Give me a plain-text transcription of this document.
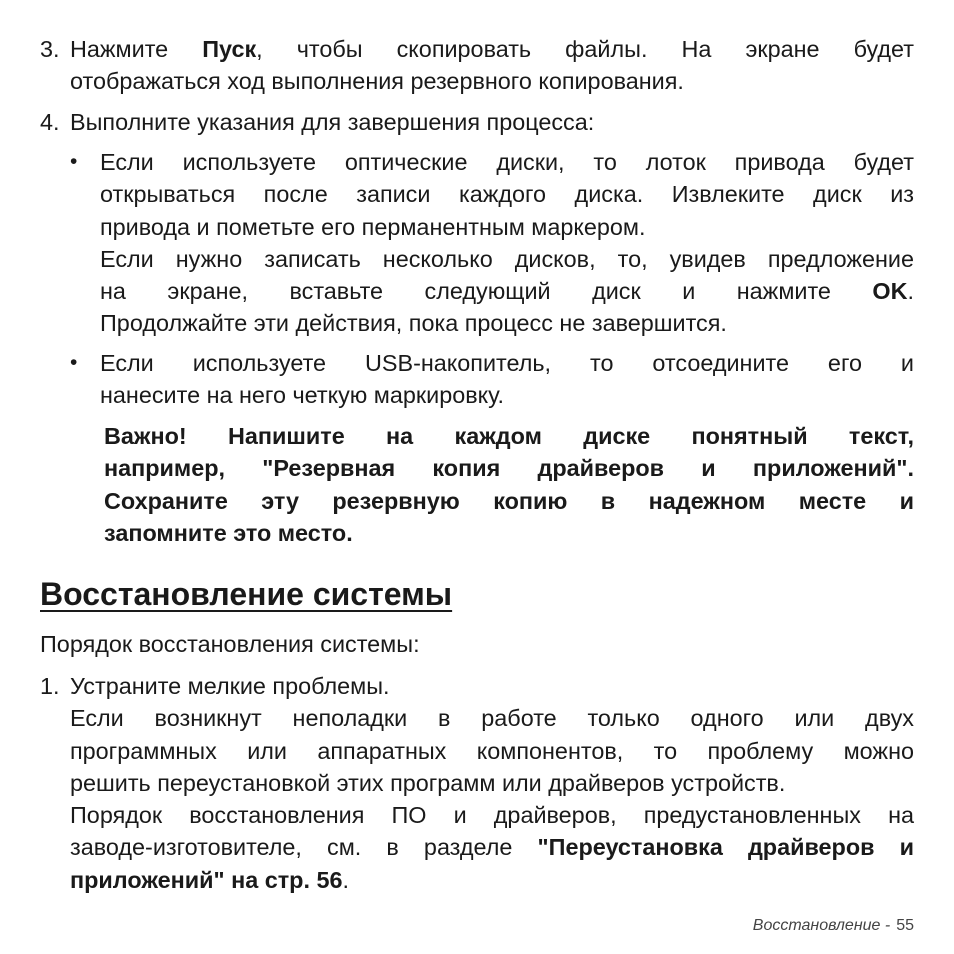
3. Нажмите Пуск, чтобы скопировать файлы. На экране будет
отображаться ход выполнения резервного копирования.
4. Выполните указания для завершения процесса:
• Если используете оптические диски, то лоток привода будет
открываться после записи каждого диска. Извлеките диск из
привода и пометьте его перманентным маркером.
Если нужно записать несколько дисков, то, увидев предложение
на экране, вставьте следующий диск и нажмите OK.
Продолжайте эти действия, пока процесс не завершится.
• Если используете USB-накопитель, то отсоедините его и
нанесите на него четкую маркировку.
Важно! Напишите на каждом диске понятный текст,
например, "Резервная копия драйверов и приложений".
Сохраните эту резервную копию в надежном месте и
запомните это место.
Восстановление системы
Порядок восстановления системы:
1. Устраните мелкие проблемы.
Если возникнут неполадки в работе только одного или двух
программных или аппаратных компонентов, то проблему можно
решить переустановкой этих программ или драйверов устройств.
Порядок восстановления ПО и драйверов, предустановленных на
заводе-изготовителе, см. в разделе "Переустановка драйверов и
приложений" на стр. 56.
Восстановление - 55
